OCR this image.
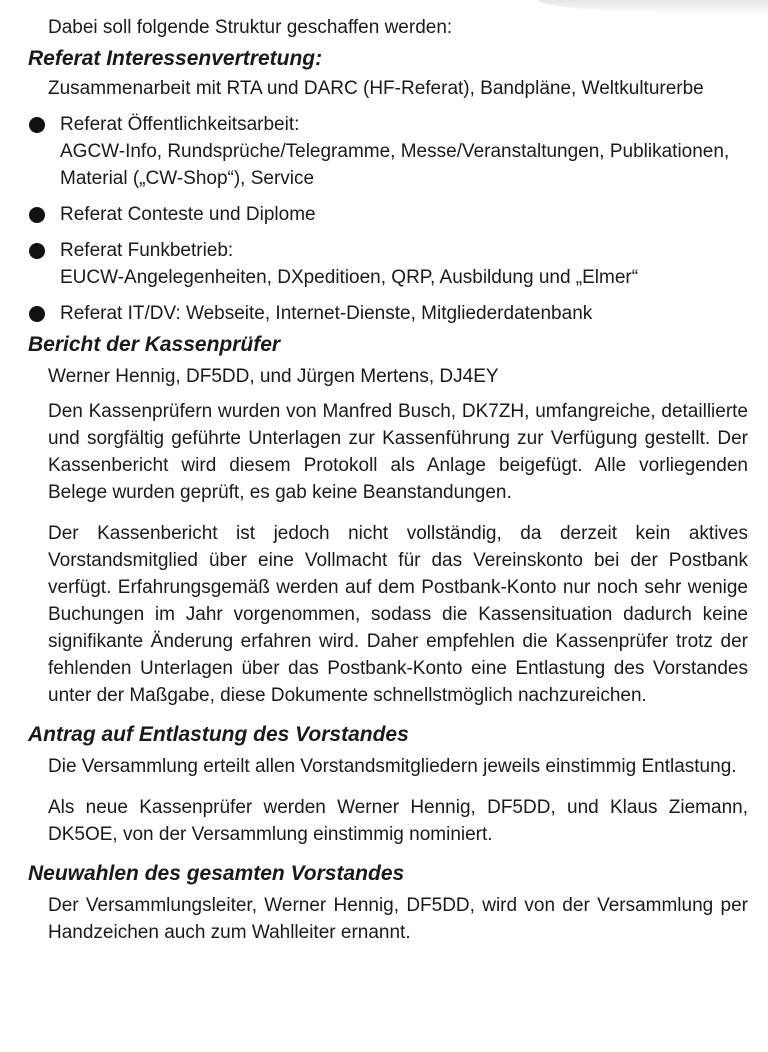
Dabei soll folgende Struktur geschaffen werden:

Referat Interessenvertretung:

Zusammenarbeit mit RTA und DARC (HF-Referat), Bandpläne, Weltkulturerbe

Referat Öffentlichkeitsarbeit:
AGCW-Info, Rundsprüche/Telegramme, Messe/Veranstaltungen, Publikationen, Material („CW-Shop“), Service
Referat Conteste und Diplome
Referat Funkbetrieb:
EUCW-Angelegenheiten, DXpeditioen, QRP, Ausbildung und „Elmer“
Referat IT/DV: Webseite, Internet-Dienste, Mitgliederdatenbank
Bericht der Kassenprüfer

Werner Hennig, DF5DD, und Jürgen Mertens, DJ4EY

Den Kassenprüfern wurden von Manfred Busch, DK7ZH, umfangreiche, detaillierte und sorgfältig geführte Unterlagen zur Kassenführung zur Verfügung gestellt. Der Kassenbericht wird diesem Protokoll als Anlage beigefügt. Alle vorliegenden Belege wurden geprüft, es gab keine Beanstandungen.

Der Kassenbericht ist jedoch nicht vollständig, da derzeit kein aktives Vorstandsmitglied über eine Vollmacht für das Vereinskonto bei der Postbank verfügt. Erfahrungsgemäß werden auf dem Postbank-Konto nur noch sehr wenige Buchungen im Jahr vorgenommen, sodass die Kassensituation dadurch keine signifikante Änderung erfahren wird. Daher empfehlen die Kassenprüfer trotz der fehlenden Unterlagen über das Postbank-Konto eine Entlastung des Vorstandes unter der Maßgabe, diese Dokumente schnellstmöglich nachzureichen.

Antrag auf Entlastung des Vorstandes

Die Versammlung erteilt allen Vorstandsmitgliedern jeweils einstimmig Entlastung.

Als neue Kassenprüfer werden Werner Hennig, DF5DD, und Klaus Ziemann, DK5OE, von der Versammlung einstimmig nominiert.

Neuwahlen des gesamten Vorstandes

Der Versammlungsleiter, Werner Hennig, DF5DD, wird von der Versammlung per Handzeichen auch zum Wahlleiter ernannt.
